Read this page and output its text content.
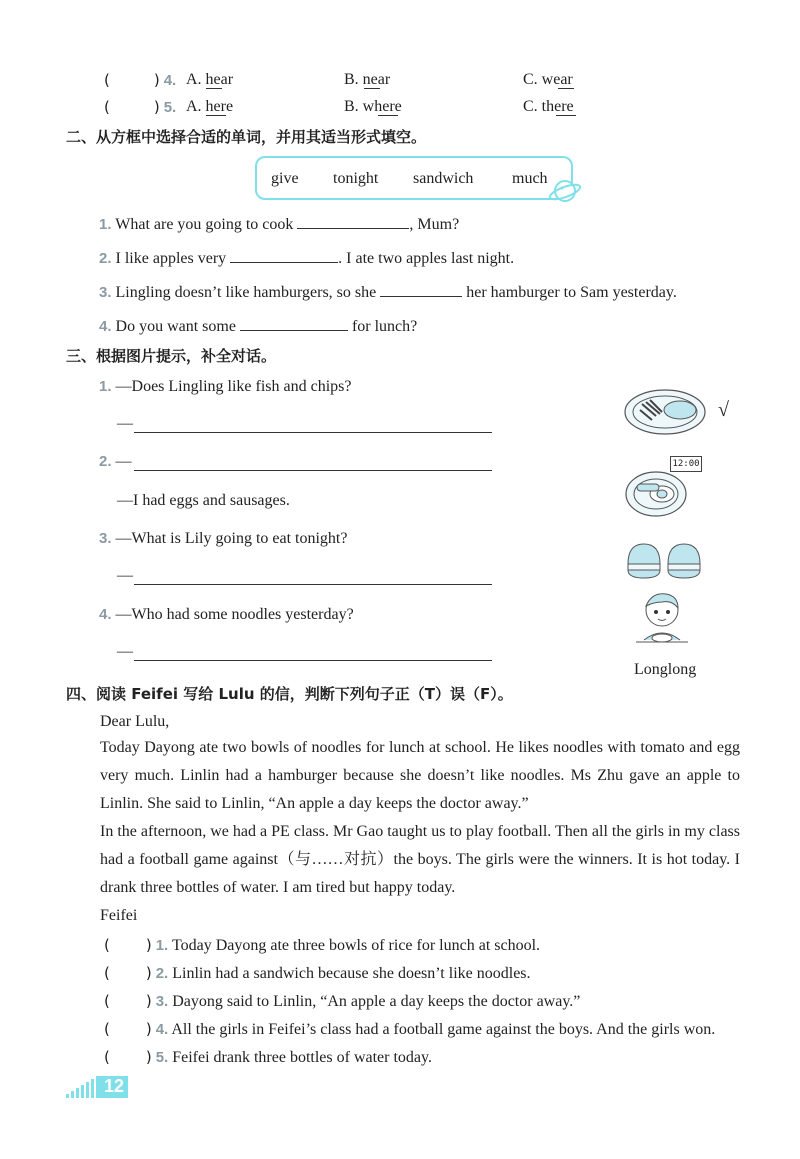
(	) 4. A. hear	B. near	C. wear
(	) 5. A. here	B. where	C. there
二、从方框中选择合适的单词，并用其适当形式填空。
give tonight sandwich much
1. What are you going to cook	, Mum?
2. I like apples very	. I ate two apples last night.
3. Lingling doesn’t like hamburgers, so she	her hamburger to Sam yesterday.
4. Do you want some	for lunch?
三、根据图片提示，补全对话。
1. —Does Lingling like fish and chips?
—
2. —
—I had eggs and sausages.
3. —What is Lily going to eat tonight?
—
4. —Who had some noodles yesterday?
—
√
12:00
Longlong
四、阅读 Feifei 写给 Lulu 的信，判断下列句子正（T）误（F）。
Dear Lulu,
Today Dayong ate two bowls of noodles for lunch at school. He likes noodles with tomato and egg very much. Linlin had a hamburger because she doesn’t like noodles. Ms Zhu gave an apple to Linlin. She said to Linlin, “An apple a day keeps the doctor away.”
In the afternoon, we had a PE class. Mr Gao taught us to play football. Then all the girls in my class had a football game against（与……对抗）the boys. The girls were the winners. It is hot today. I drank three bottles of water. I am tired but happy today.
Feifei
( ) 1. Today Dayong ate three bowls of rice for lunch at school.
( ) 2. Linlin had a sandwich because she doesn’t like noodles.
( ) 3. Dayong said to Linlin, “An apple a day keeps the doctor away.”
( ) 4. All the girls in Feifei’s class had a football game against the boys. And the girls won.
( ) 5. Feifei drank three bottles of water today.
12
